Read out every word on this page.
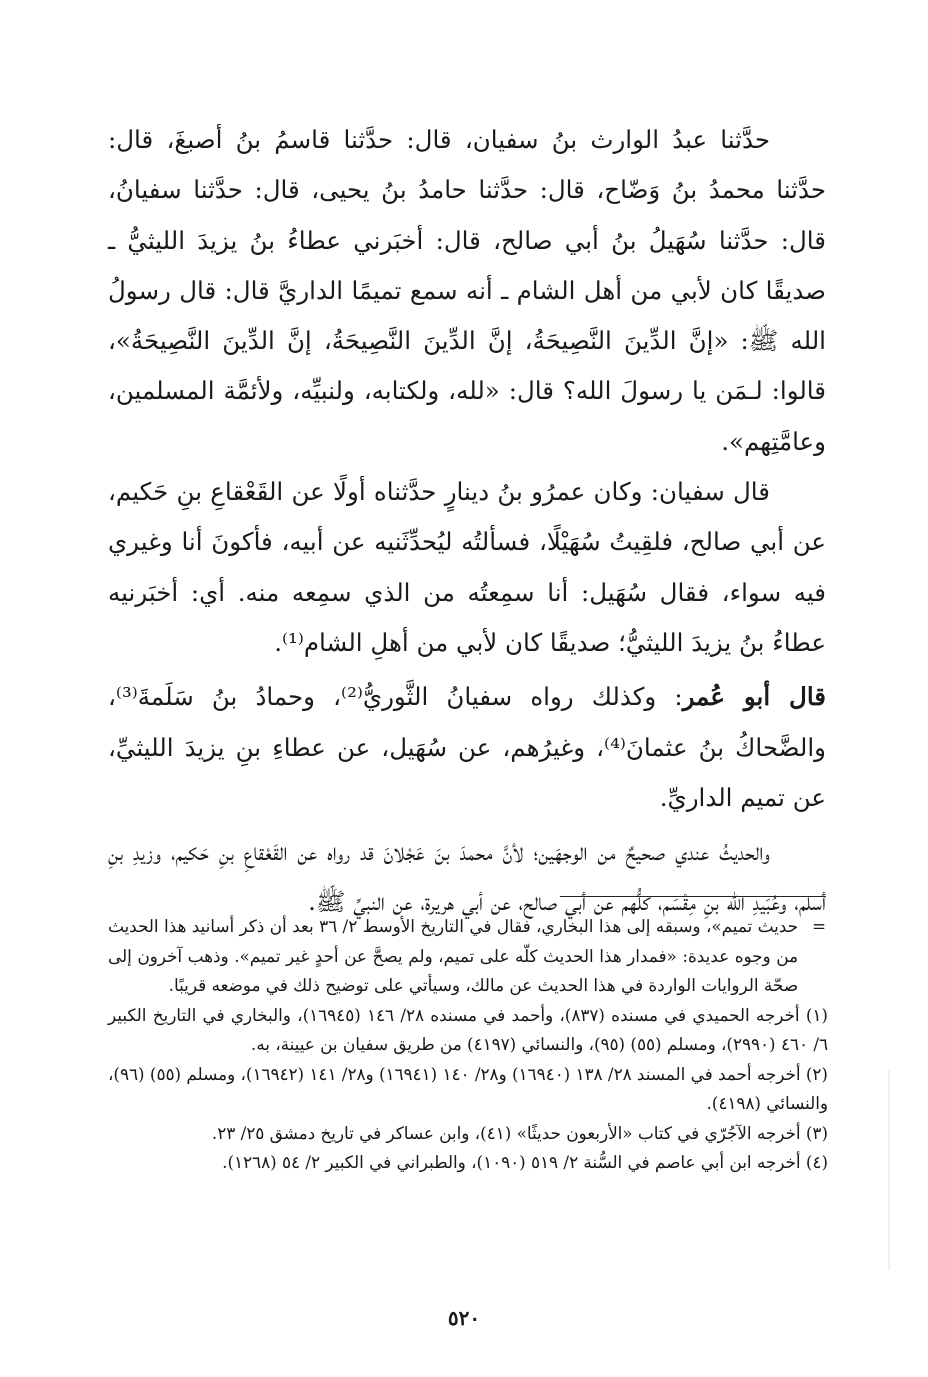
حدَّثنا عبدُ الوارث بنُ سفيان، قال: حدَّثنا قاسمُ بنُ أصبغَ، قال: حدَّثنا محمدُ بنُ وَضّاح، قال: حدَّثنا حامدُ بنُ يحيى، قال: حدَّثنا سفيانُ، قال: حدَّثنا سُهَيلُ بنُ أبي صالح، قال: أخبَرني عطاءُ بنُ يزيدَ الليثيُّ ـ صديقًا كان لأبي من أهل الشام ـ أنه سمع تميمًا الداريَّ قال: قال رسولُ الله ﷺ: «إنَّ الدِّينَ النَّصِيحَةُ، إنَّ الدِّينَ النَّصِيحَةُ، إنَّ الدِّينَ النَّصِيحَةُ»، قالوا: لـمَن يا رسولَ الله؟ قال: «لله، ولكتابه، ولنبيِّه، ولأئمَّة المسلمين، وعامَّتِهم».

قال سفيان: وكان عمرُو بنُ دينارٍ حدَّثناه أولًا عن القَعْقاعِ بنِ حَكيم، عن أبي صالح، فلقِيتُ سُهَيْلًا، فسألتُه ليُحدِّثَنيه عن أبيه، فأكونَ أنا وغيري فيه سواء، فقال سُهَيل: أنا سمِعتُه من الذي سمِعه منه. أي: أخبَرنيه عطاءُ بنُ يزيدَ الليثيُّ؛ صديقًا كان لأبي من أهلِ الشام⁽¹⁾.

قال أبو عُمر: وكذلك رواه سفيانُ الثَّوريُّ⁽²⁾، وحمادُ بنُ سَلَمةَ⁽³⁾، والضَّحاكُ بنُ عثمانَ⁽⁴⁾، وغيرُهم، عن سُهَيل، عن عطاءِ بنِ يزيدَ الليثيِّ، عن تميم الداريِّ.

والحديثُ عندي صحيحٌ من الوجهَين؛ لأنَّ محمدَ بنَ عَجْلانَ قد رواه عن القَعْقاعِ بنِ حَكيم، وزيدِ بنِ أسلم، وعُبَيدِ الله بنِ مِقْسَم، كلُّهم عن أبي صالح، عن أبي هريرة، عن النبيِّ ﷺ.

=
حديث تميم»، وسبقه إلى هذا البخاري، فقال في التاريخ الأوسط ٢/ ٣٦ بعد أن ذكر أسانيد هذا الحديث من وجوه عديدة: «فمدار هذا الحديث كلّه على تميم، ولم يصحَّ عن أحدٍ غير تميم». وذهب آخرون إلى صحّة الروايات الواردة في هذا الحديث عن مالك، وسيأتي على توضيح ذلك في موضعه قريبًا.

(١) أخرجه الحميدي في مسنده (٨٣٧)، وأحمد في مسنده ٢٨/ ١٤٦ (١٦٩٤٥)، والبخاري في التاريخ الكبير ٦/ ٤٦٠ (٢٩٩٠)، ومسلم (٥٥) (٩٥)، والنسائي (٤١٩٧) من طريق سفيان بن عيينة، به.

(٢) أخرجه أحمد في المسند ٢٨/ ١٣٨ (١٦٩٤٠) و٢٨/ ١٤٠ (١٦٩٤١) و٢٨/ ١٤١ (١٦٩٤٢)، ومسلم (٥٥) (٩٦)، والنسائي (٤١٩٨).

(٣) أخرجه الآجُرّي في كتاب «الأربعون حديثًا» (٤١)، وابن عساكر في تاريخ دمشق ٢٥/ ٢٣.

(٤) أخرجه ابن أبي عاصم في السُّنة ٢/ ٥١٩ (١٠٩٠)، والطبراني في الكبير ٢/ ٥٤ (١٢٦٨).

٥٢٠
